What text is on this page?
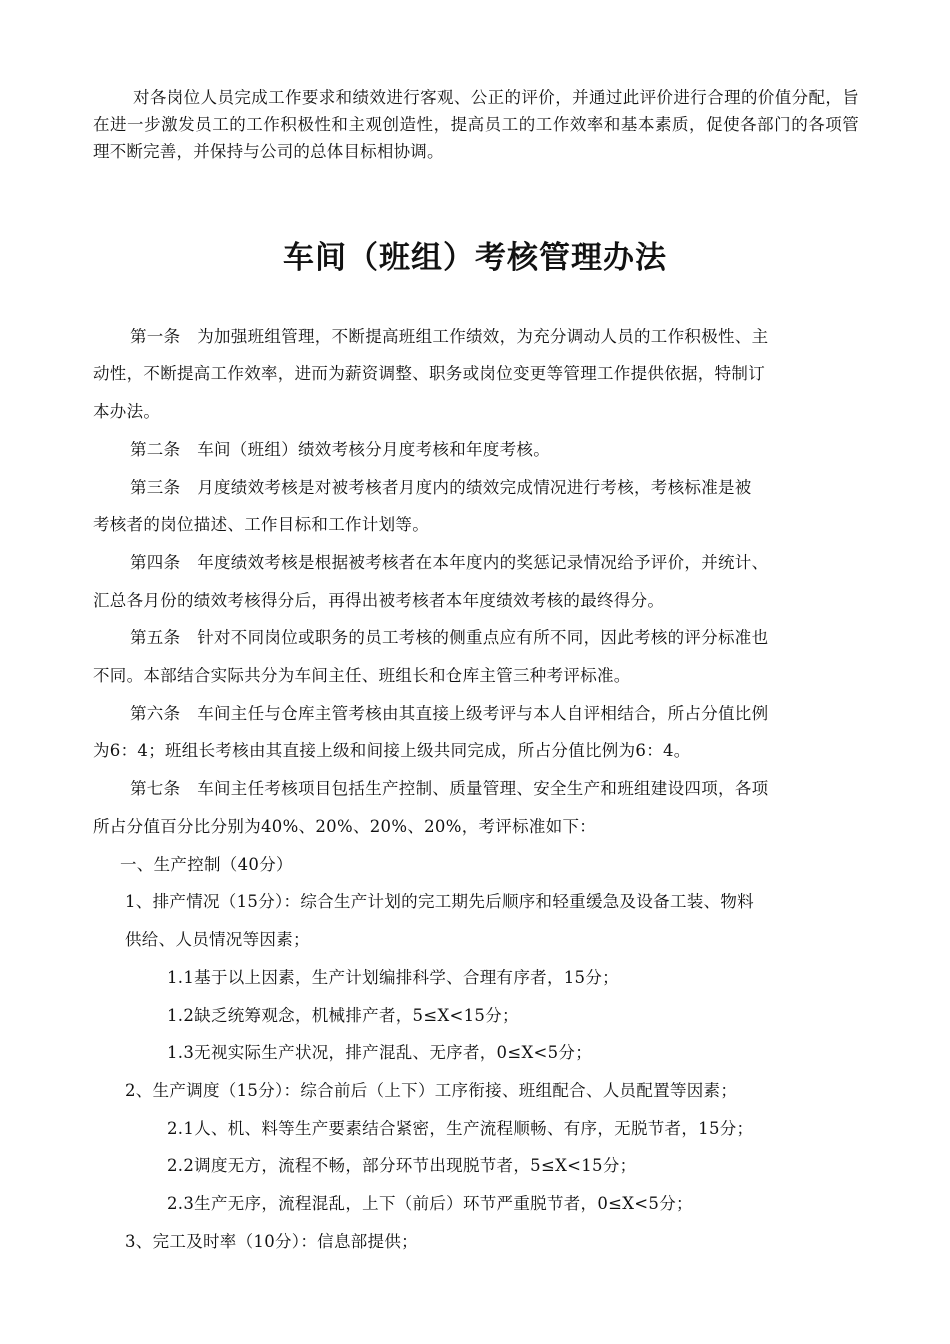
对各岗位人员完成工作要求和绩效进行客观、公正的评价，并通过此评价进行合理的价值分配，旨在进一步激发员工的工作积极性和主观创造性，提高员工的工作效率和基本素质，促使各部门的各项管理不断完善，并保持与公司的总体目标相协调。

车间（班组）考核管理办法

第一条　为加强班组管理，不断提高班组工作绩效，为充分调动人员的工作积极性、主

动性，不断提高工作效率，进而为薪资调整、职务或岗位变更等管理工作提供依据，特制订

本办法。

第二条　车间（班组）绩效考核分月度考核和年度考核。

第三条　月度绩效考核是对被考核者月度内的绩效完成情况进行考核，考核标准是被

考核者的岗位描述、工作目标和工作计划等。

第四条　年度绩效考核是根据被考核者在本年度内的奖惩记录情况给予评价，并统计、

汇总各月份的绩效考核得分后，再得出被考核者本年度绩效考核的最终得分。

第五条　针对不同岗位或职务的员工考核的侧重点应有所不同，因此考核的评分标准也

不同。本部结合实际共分为车间主任、班组长和仓库主管三种考评标准。

第六条　车间主任与仓库主管考核由其直接上级考评与本人自评相结合，所占分值比例

为6：4；班组长考核由其直接上级和间接上级共同完成，所占分值比例为6：4。

第七条　车间主任考核项目包括生产控制、质量管理、安全生产和班组建设四项，各项

所占分值百分比分别为40%、20%、20%、20%，考评标准如下：

一、生产控制（40分）

1、排产情况（15分）：综合生产计划的完工期先后顺序和轻重缓急及设备工装、物料

供给、人员情况等因素；

1.1基于以上因素，生产计划编排科学、合理有序者，15分；

1.2缺乏统筹观念，机械排产者，5≤X<15分；

1.3无视实际生产状况，排产混乱、无序者，0≤X<5分；

2、生产调度（15分）：综合前后（上下）工序衔接、班组配合、人员配置等因素；

2.1人、机、料等生产要素结合紧密，生产流程顺畅、有序，无脱节者，15分；

2.2调度无方，流程不畅，部分环节出现脱节者，5≤X<15分；

2.3生产无序，流程混乱，上下（前后）环节严重脱节者，0≤X<5分；

3、完工及时率（10分）：信息部提供；
